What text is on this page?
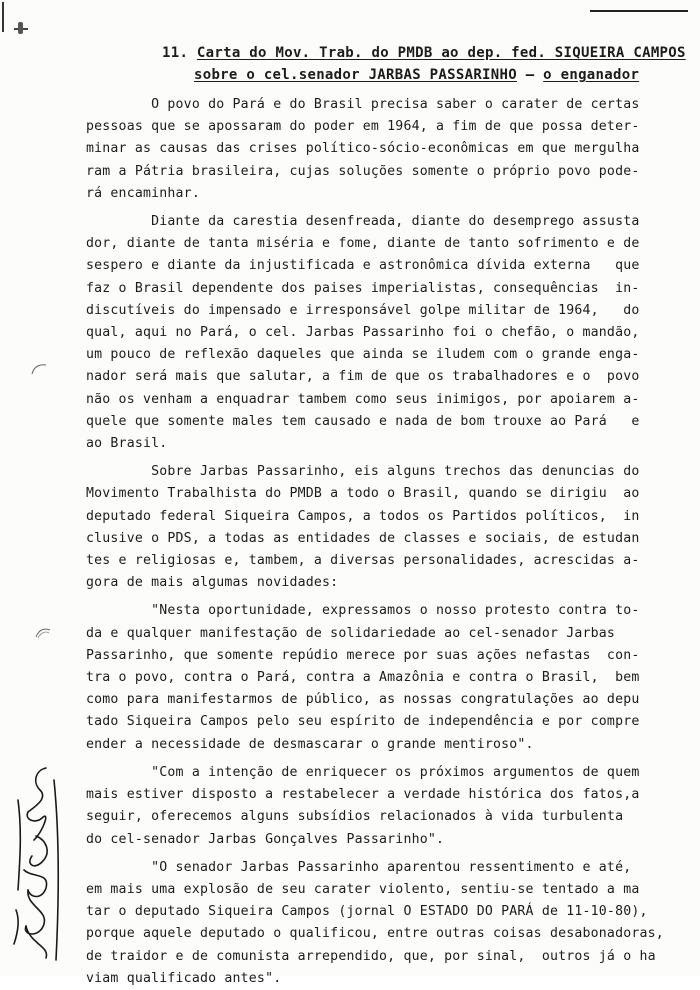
11. Carta do Mov. Trab. do PMDB ao dep. fed. SIQUEIRA CAMPOS
sobre o cel.senador JARBAS PASSARINHO — o enganador

O povo do Pará e do Brasil precisa saber o carater de certas
pessoas que se apossaram do poder em 1964, a fim de que possa deter-
minar as causas das crises político-sócio-econômicas em que mergulha
ram a Pátria brasileira, cujas soluções somente o próprio povo pode-
rá encaminhar.

Diante da carestia desenfreada, diante do desemprego assusta
dor, diante de tanta miséria e fome, diante de tanto sofrimento e de
sespero e diante da injustificada e astronômica dívida externa   que
faz o Brasil dependente dos paises imperialistas, consequências  in-
discutíveis do impensado e irresponsável golpe militar de 1964,   do
qual, aqui no Pará, o cel. Jarbas Passarinho foi o chefão, o mandão,
um pouco de reflexão daqueles que ainda se iludem com o grande enga-
nador será mais que salutar, a fim de que os trabalhadores e o  povo
não os venham a enquadrar tambem como seus inimigos, por apoiarem a-
quele que somente males tem causado e nada de bom trouxe ao Pará   e
ao Brasil.

Sobre Jarbas Passarinho, eis alguns trechos das denuncias do
Movimento Trabalhista do PMDB a todo o Brasil, quando se dirigiu  ao
deputado federal Siqueira Campos, a todos os Partidos políticos,  in
clusive o PDS, a todas as entidades de classes e sociais, de estudan
tes e religiosas e, tambem, a diversas personalidades, acrescidas a-
gora de mais algumas novidades:

"Nesta oportunidade, expressamos o nosso protesto contra to-
da e qualquer manifestação de solidariedade ao cel-senador Jarbas
Passarinho, que somente repúdio merece por suas ações nefastas  con-
tra o povo, contra o Pará, contra a Amazônia e contra o Brasil,  bem
como para manifestarmos de público, as nossas congratulações ao depu
tado Siqueira Campos pelo seu espírito de independência e por compre
ender a necessidade de desmascarar o grande mentiroso".

"Com a intenção de enriquecer os próximos argumentos de quem
mais estiver disposto a restabelecer a verdade histórica dos fatos,a
seguir, oferecemos alguns subsídios relacionados à vida turbulenta
do cel-senador Jarbas Gonçalves Passarinho".

"O senador Jarbas Passarinho aparentou ressentimento e até,
em mais uma explosão de seu carater violento, sentiu-se tentado a ma
tar o deputado Siqueira Campos (jornal O ESTADO DO PARÁ de 11-10-80),
porque aquele deputado o qualificou, entre outras coisas desabonadoras,
de traidor e de comunista arrependido, que, por sinal,  outros já o ha
viam qualificado antes".
